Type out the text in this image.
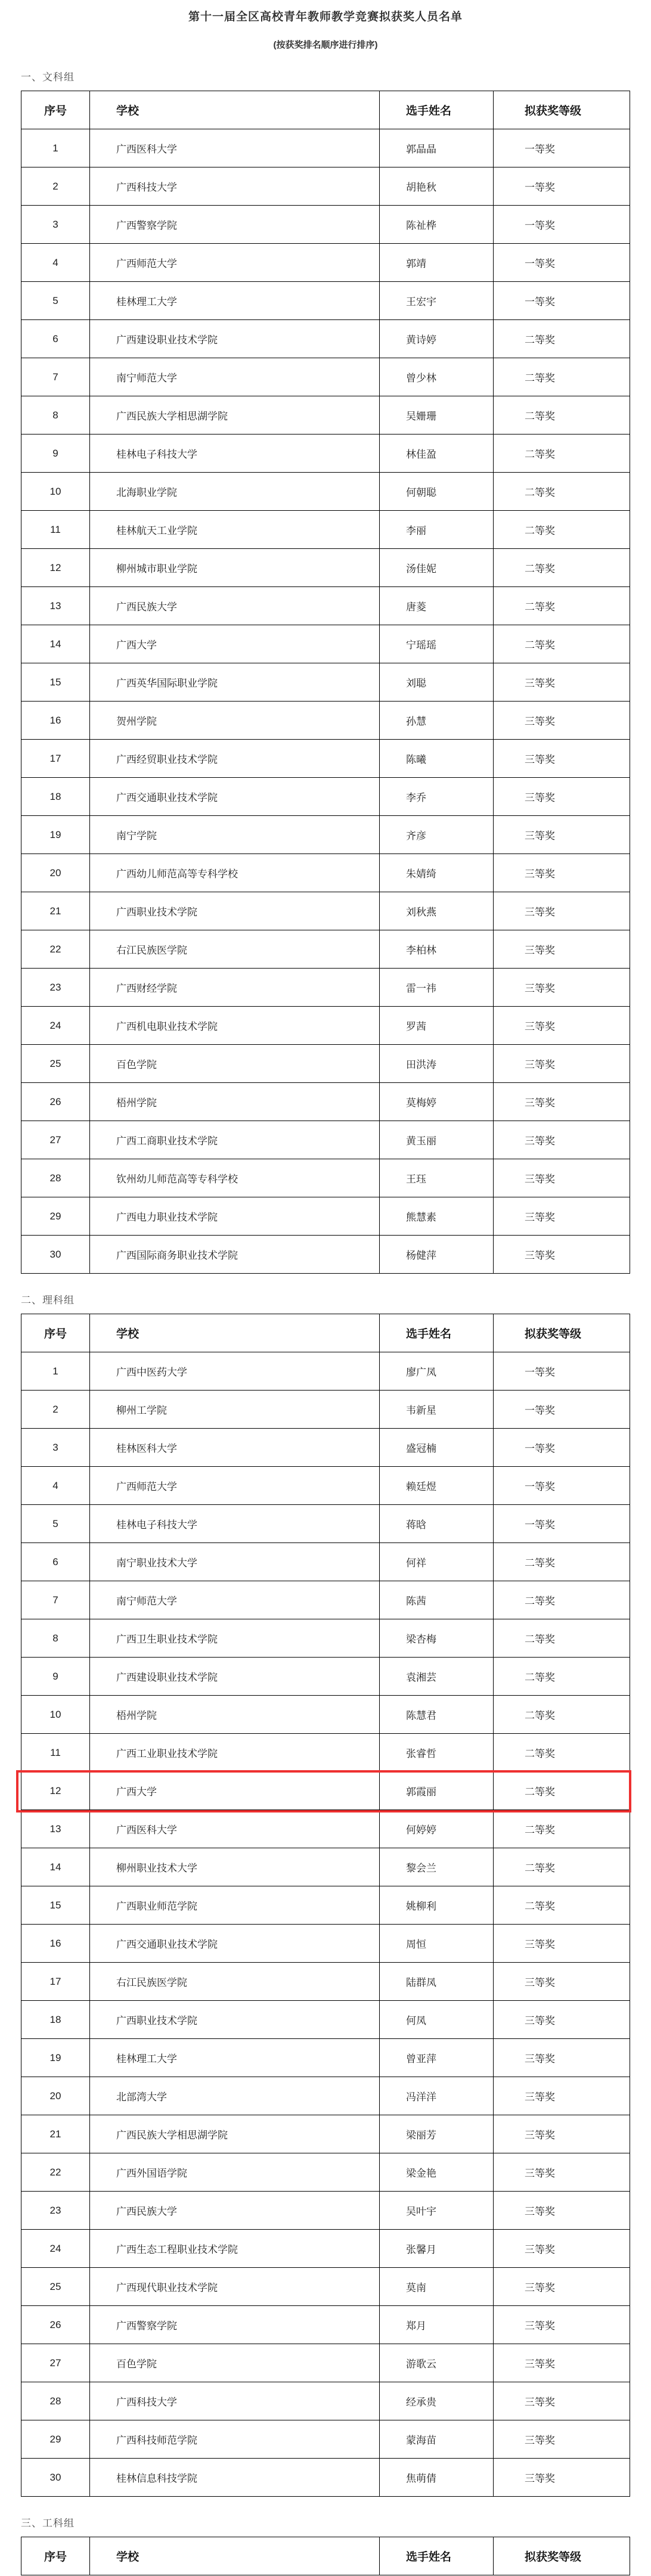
第十一届全区高校青年教师教学竞赛拟获奖人员名单
(按获奖排名顺序进行排序)
一、文科组
序号	学校	选手姓名	拟获奖等级
1	广西医科大学	郭晶晶	一等奖
2	广西科技大学	胡艳秋	一等奖
3	广西警察学院	陈祉桦	一等奖
4	广西师范大学	郭靖	一等奖
5	桂林理工大学	王宏宇	一等奖
6	广西建设职业技术学院	黄诗婷	二等奖
7	南宁师范大学	曾少林	二等奖
8	广西民族大学相思湖学院	吴姗珊	二等奖
9	桂林电子科技大学	林佳盈	二等奖
10	北海职业学院	何朝聪	二等奖
11	桂林航天工业学院	李丽	二等奖
12	柳州城市职业学院	汤佳妮	二等奖
13	广西民族大学	唐菱	二等奖
14	广西大学	宁瑶瑶	二等奖
15	广西英华国际职业学院	刘聪	三等奖
16	贺州学院	孙慧	三等奖
17	广西经贸职业技术学院	陈曦	三等奖
18	广西交通职业技术学院	李乔	三等奖
19	南宁学院	齐彦	三等奖
20	广西幼儿师范高等专科学校	朱婧绮	三等奖
21	广西职业技术学院	刘秋燕	三等奖
22	右江民族医学院	李柏林	三等奖
23	广西财经学院	雷一祎	三等奖
24	广西机电职业技术学院	罗茜	三等奖
25	百色学院	田洪涛	三等奖
26	梧州学院	莫梅婷	三等奖
27	广西工商职业技术学院	黄玉丽	三等奖
28	钦州幼儿师范高等专科学校	王珏	三等奖
29	广西电力职业技术学院	熊慧素	三等奖
30	广西国际商务职业技术学院	杨健萍	三等奖
二、理科组
序号	学校	选手姓名	拟获奖等级
1	广西中医药大学	廖广凤	一等奖
2	柳州工学院	韦新星	一等奖
3	桂林医科大学	盛冠楠	一等奖
4	广西师范大学	赖廷煜	一等奖
5	桂林电子科技大学	蒋晗	一等奖
6	南宁职业技术大学	何祥	二等奖
7	南宁师范大学	陈茜	二等奖
8	广西卫生职业技术学院	梁杏梅	二等奖
9	广西建设职业技术学院	袁湘芸	二等奖
10	梧州学院	陈慧君	二等奖
11	广西工业职业技术学院	张睿哲	二等奖
12	广西大学	郭霞丽	二等奖
13	广西医科大学	何婷婷	二等奖
14	柳州职业技术大学	黎会兰	二等奖
15	广西职业师范学院	姚柳利	二等奖
16	广西交通职业技术学院	周恒	三等奖
17	右江民族医学院	陆群凤	三等奖
18	广西职业技术学院	何凤	三等奖
19	桂林理工大学	曾亚萍	三等奖
20	北部湾大学	冯洋洋	三等奖
21	广西民族大学相思湖学院	梁丽芳	三等奖
22	广西外国语学院	梁金艳	三等奖
23	广西民族大学	吴叶宇	三等奖
24	广西生态工程职业技术学院	张馨月	三等奖
25	广西现代职业技术学院	莫南	三等奖
26	广西警察学院	郑月	三等奖
27	百色学院	游歌云	三等奖
28	广西科技大学	经承贵	三等奖
29	广西科技师范学院	蒙海苗	三等奖
30	桂林信息科技学院	焦萌倩	三等奖
三、工科组
序号	学校	选手姓名	拟获奖等级
